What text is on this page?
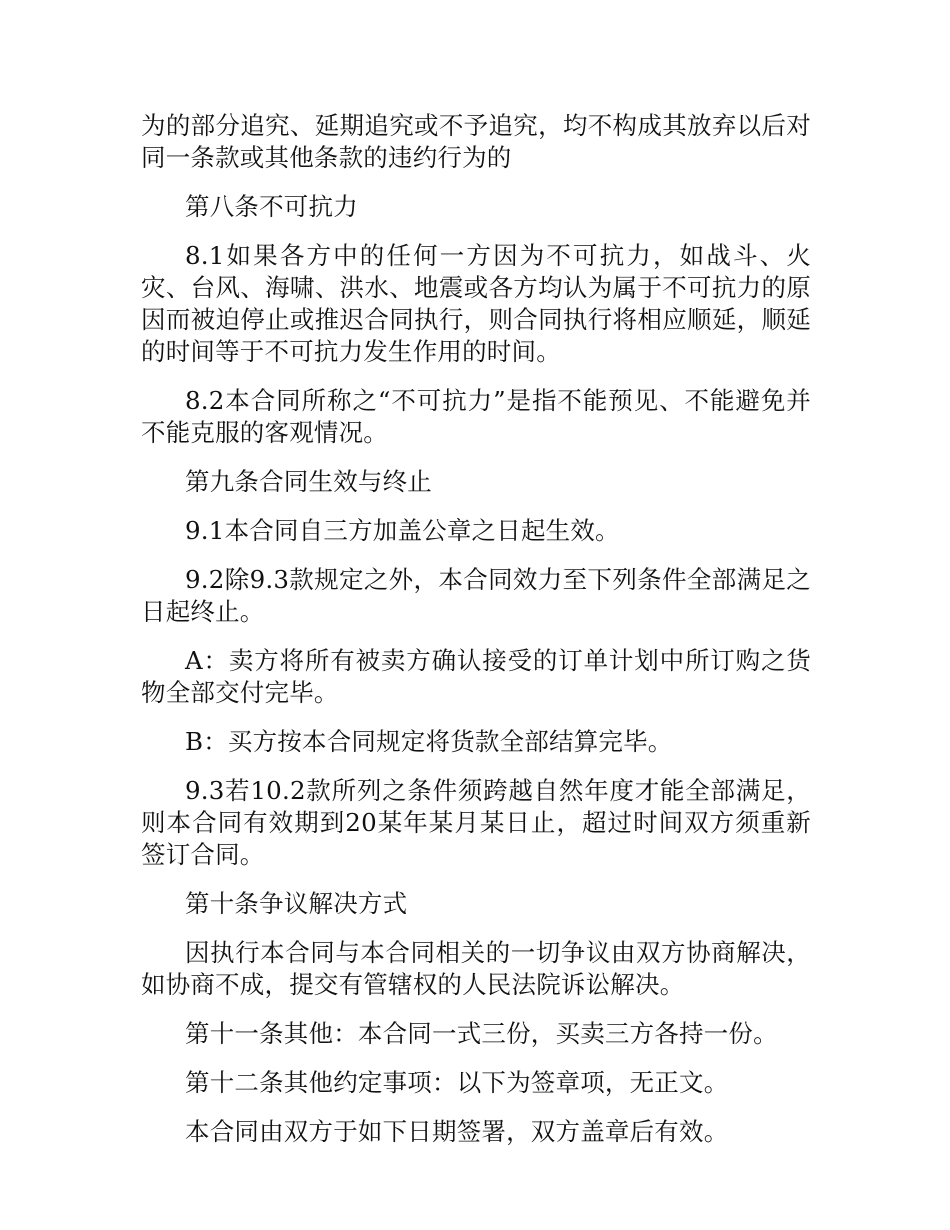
为的部分追究、延期追究或不予追究，均不构成其放弃以后对同一条款或其他条款的违约行为的

第八条不可抗力

8.1如果各方中的任何一方因为不可抗力，如战斗、火灾、台风、海啸、洪水、地震或各方均认为属于不可抗力的原因而被迫停止或推迟合同执行，则合同执行将相应顺延，顺延的时间等于不可抗力发生作用的时间。

8.2本合同所称之“不可抗力”是指不能预见、不能避免并不能克服的客观情况。

第九条合同生效与终止

9.1本合同自三方加盖公章之日起生效。

9.2除9.3款规定之外，本合同效力至下列条件全部满足之日起终止。

A：卖方将所有被卖方确认接受的订单计划中所订购之货物全部交付完毕。

B：买方按本合同规定将货款全部结算完毕。

9.3若10.2款所列之条件须跨越自然年度才能全部满足，则本合同有效期到20某年某月某日止，超过时间双方须重新签订合同。

第十条争议解决方式

因执行本合同与本合同相关的一切争议由双方协商解决，如协商不成，提交有管辖权的人民法院诉讼解决。

第十一条其他：本合同一式三份，买卖三方各持一份。

第十二条其他约定事项：以下为签章项，无正文。

本合同由双方于如下日期签署，双方盖章后有效。
